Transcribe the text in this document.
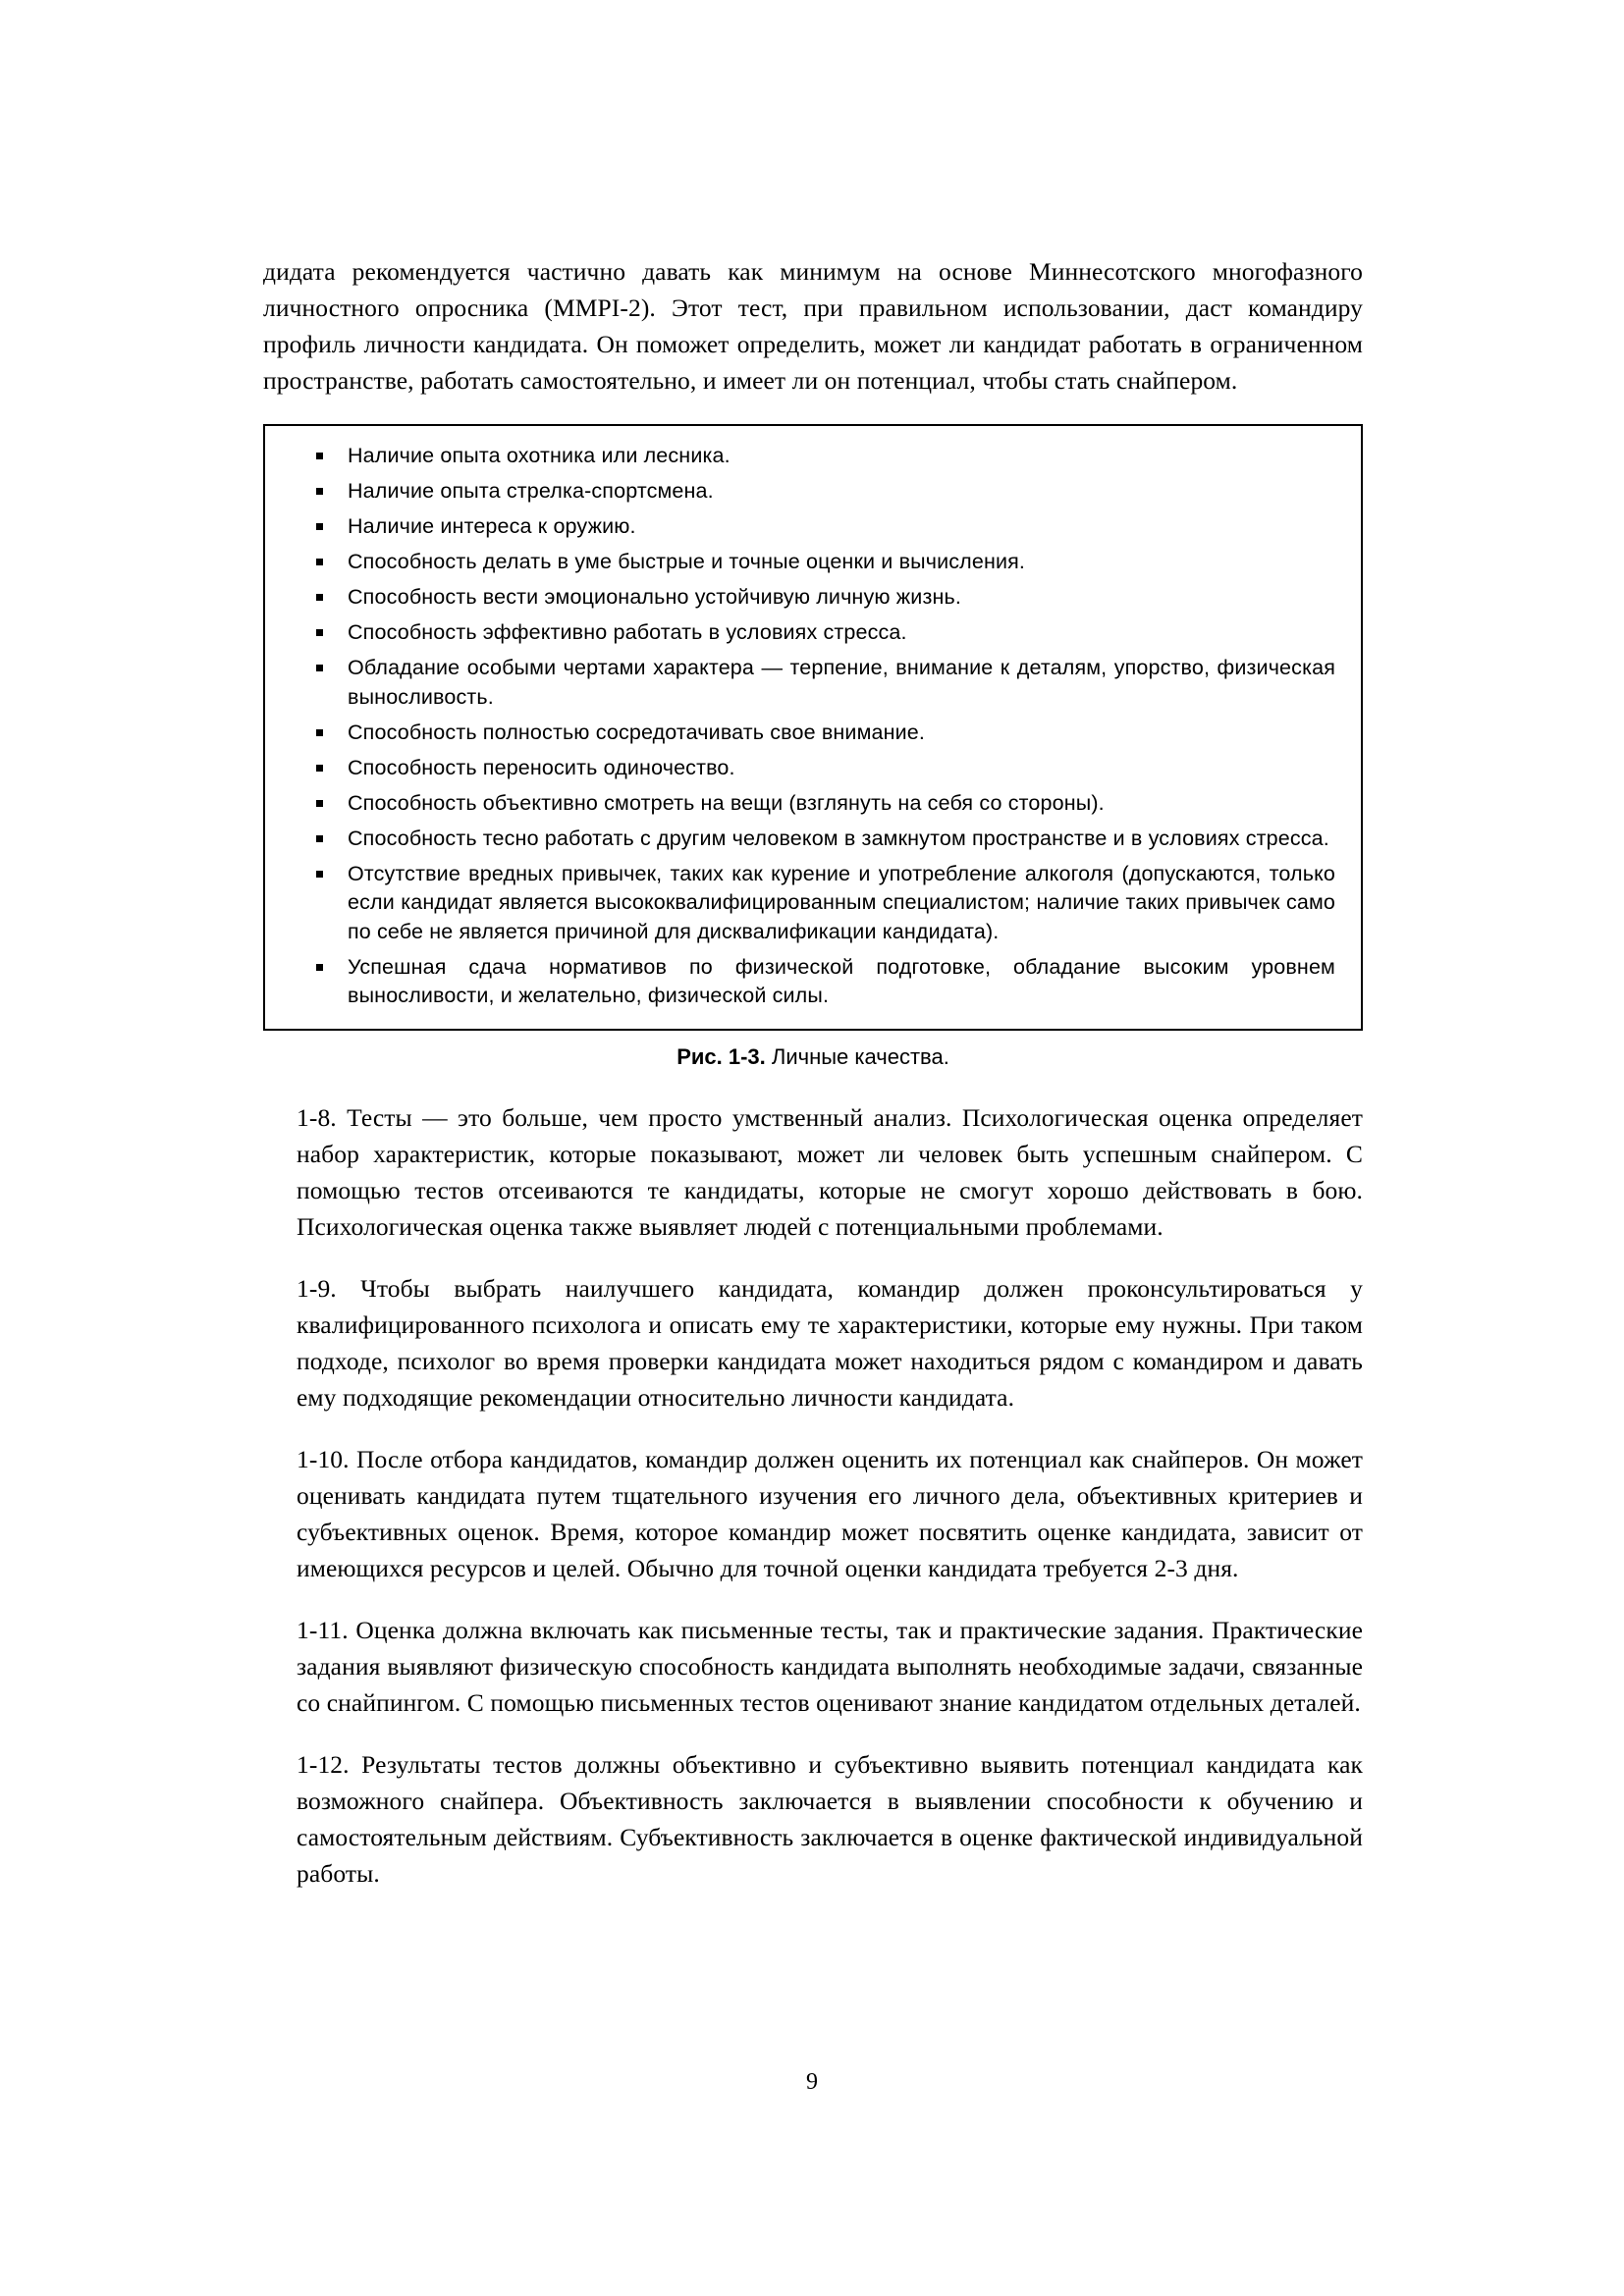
дидата рекомендуется частично давать как минимум на основе Миннесотского многофазного личностного опросника (MMPI-2). Этот тест, при правильном использовании, даст командиру профиль личности кандидата. Он поможет определить, может ли кандидат работать в ограниченном пространстве, работать самостоятельно, и имеет ли он потенциал, чтобы стать снайпером.

Наличие опыта охотника или лесника.
Наличие опыта стрелка-спортсмена.
Наличие интереса к оружию.
Способность делать в уме быстрые и точные оценки и вычисления.
Способность вести эмоционально устойчивую личную жизнь.
Способность эффективно работать в условиях стресса.
Обладание особыми чертами характера — терпение, внимание к деталям, упорство, физическая выносливость.
Способность полностью сосредотачивать свое внимание.
Способность переносить одиночество.
Способность объективно смотреть на вещи (взглянуть на себя со стороны).
Способность тесно работать с другим человеком в замкнутом пространстве и в условиях стресса.
Отсутствие вредных привычек, таких как курение и употребление алкоголя (допускаются, только если кандидат является высококвалифицированным специалистом; наличие таких привычек само по себе не является причиной для дисквалификации кандидата).
Успешная сдача нормативов по физической подготовке, обладание высоким уровнем выносливости, и желательно, физической силы.
Рис. 1-3. Личные качества.

1-8. Тесты — это больше, чем просто умственный анализ. Психологическая оценка определяет набор характеристик, которые показывают, может ли человек быть успешным снайпером. С помощью тестов отсеиваются те кандидаты, которые не смогут хорошо действовать в бою. Психологическая оценка также выявляет людей с потенциальными проблемами.

1-9. Чтобы выбрать наилучшего кандидата, командир должен проконсультироваться у квалифицированного психолога и описать ему те характеристики, которые ему нужны. При таком подходе, психолог во время проверки кандидата может находиться рядом с командиром и давать ему подходящие рекомендации относительно личности кандидата.

1-10. После отбора кандидатов, командир должен оценить их потенциал как снайперов. Он может оценивать кандидата путем тщательного изучения его личного дела, объективных критериев и субъективных оценок. Время, которое командир может посвятить оценке кандидата, зависит от имеющихся ресурсов и целей. Обычно для точной оценки кандидата требуется 2-3 дня.

1-11. Оценка должна включать как письменные тесты, так и практические задания. Практические задания выявляют физическую способность кандидата выполнять необходимые задачи, связанные со снайпингом. С помощью письменных тестов оценивают знание кандидатом отдельных деталей.

1-12. Результаты тестов должны объективно и субъективно выявить потенциал кандидата как возможного снайпера. Объективность заключается в выявлении способности к обучению и самостоятельным действиям. Субъективность заключается в оценке фактической индивидуальной работы.

9
